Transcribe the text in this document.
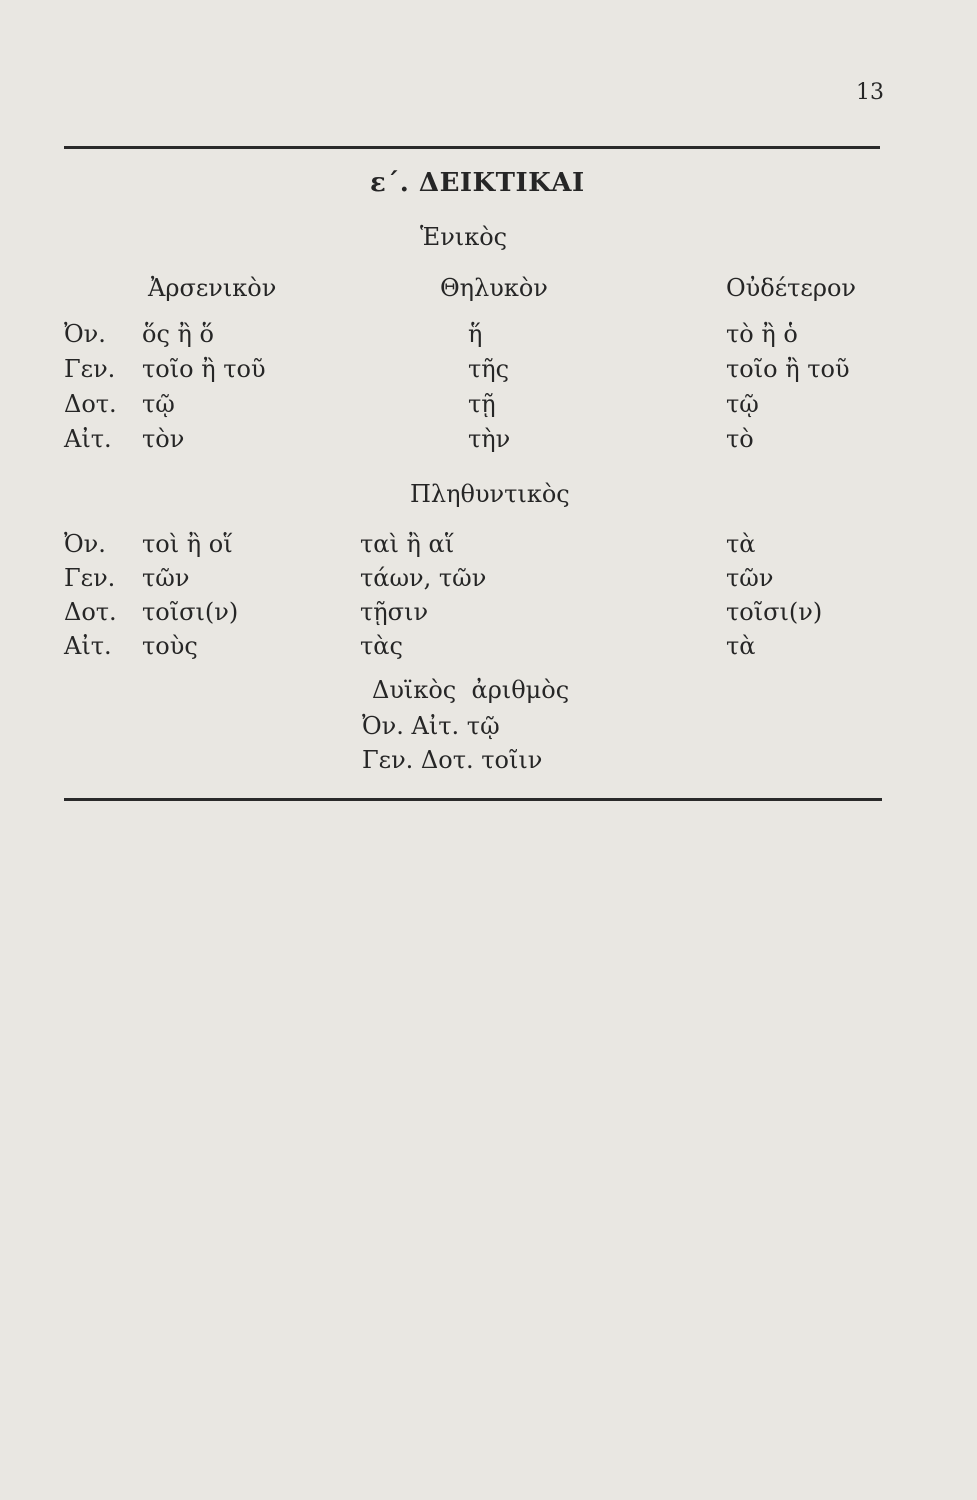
13
ε΄. ΔΕΙΚΤΙΚΑΙ
Ἑνικὸς
Ἀρσενικὸν	Θηλυκὸν	Οὐδέτερον
Ὀν. ὅς ἢ ὅ	ἥ	τὸ ἢ ὁ
Γεν. τοῖο ἢ τοῦ	τῆς	τοῖο ἢ τοῦ
Δοτ. τῷ	τῇ	τῷ
Αἰτ. τὸν	τὴν	τὸ
Πληθυντικὸς
Ὀν. τοὶ ἢ οἵ	ταὶ ἢ αἵ	τὰ
Γεν. τῶν	τάων, τῶν	τῶν
Δοτ. τοῖσι(ν)	τῇσιν	τοῖσι(ν)
Αἰτ. τοὺς	τὰς	τὰ
Δυϊκὸς  ἀριθμὸς
Ὀν. Αἰτ. τῷ
Γεν. Δοτ. τοῖιν
